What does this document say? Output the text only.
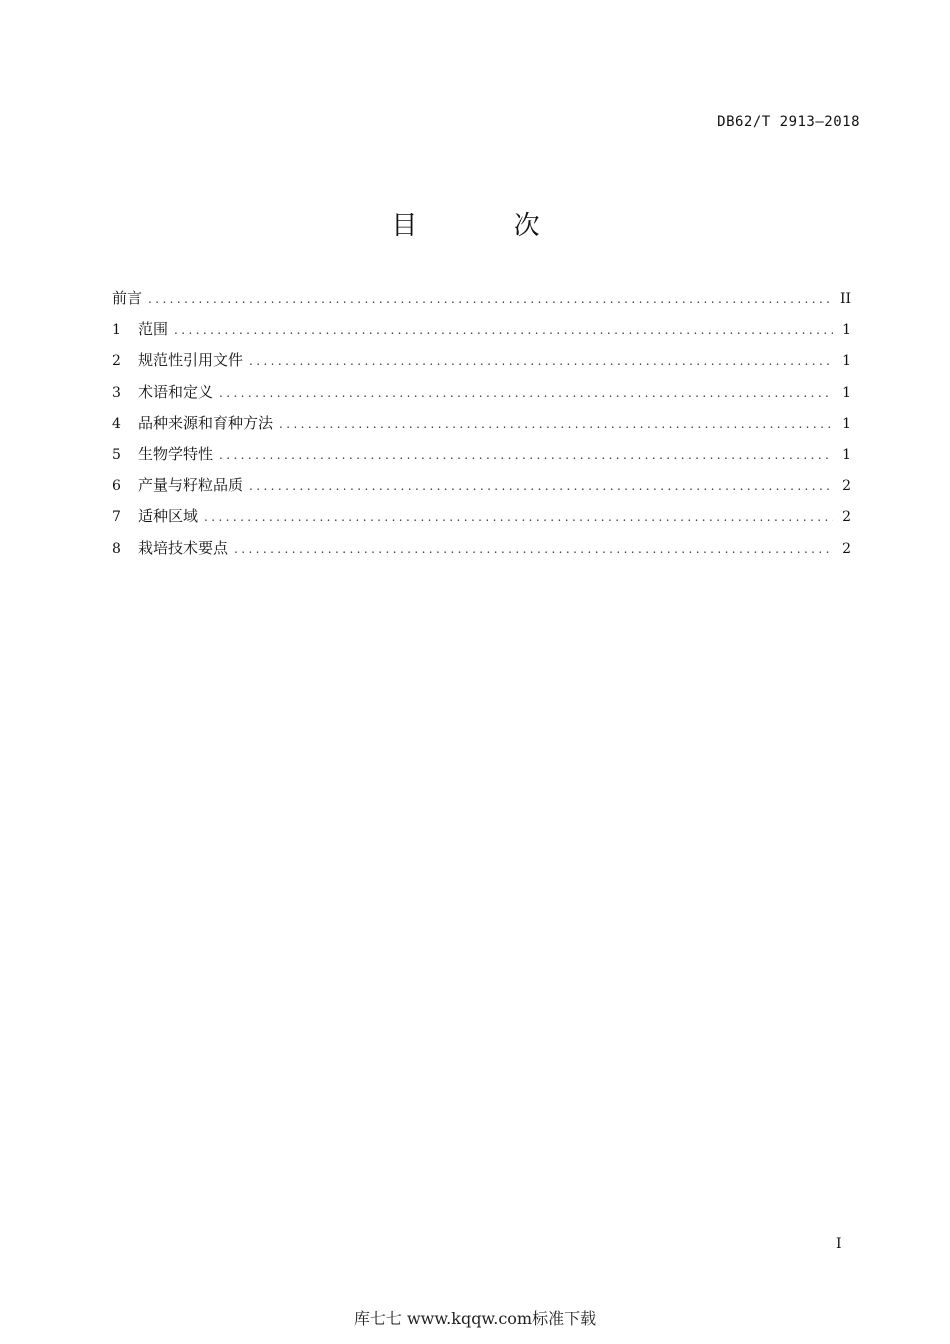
DB62/T 2913—2018
目 次
前言 .....	II
1	范围 .....	1
2	规范性引用文件 .....	1
3	术语和定义 .....	1
4	品种来源和育种方法 .....	1
5	生物学特性 .....	1
6	产量与籽粒品质 .....	2
7	适种区域 .....	2
8	栽培技术要点 .....	2
I
库七七 www.kqqw.com标准下载
